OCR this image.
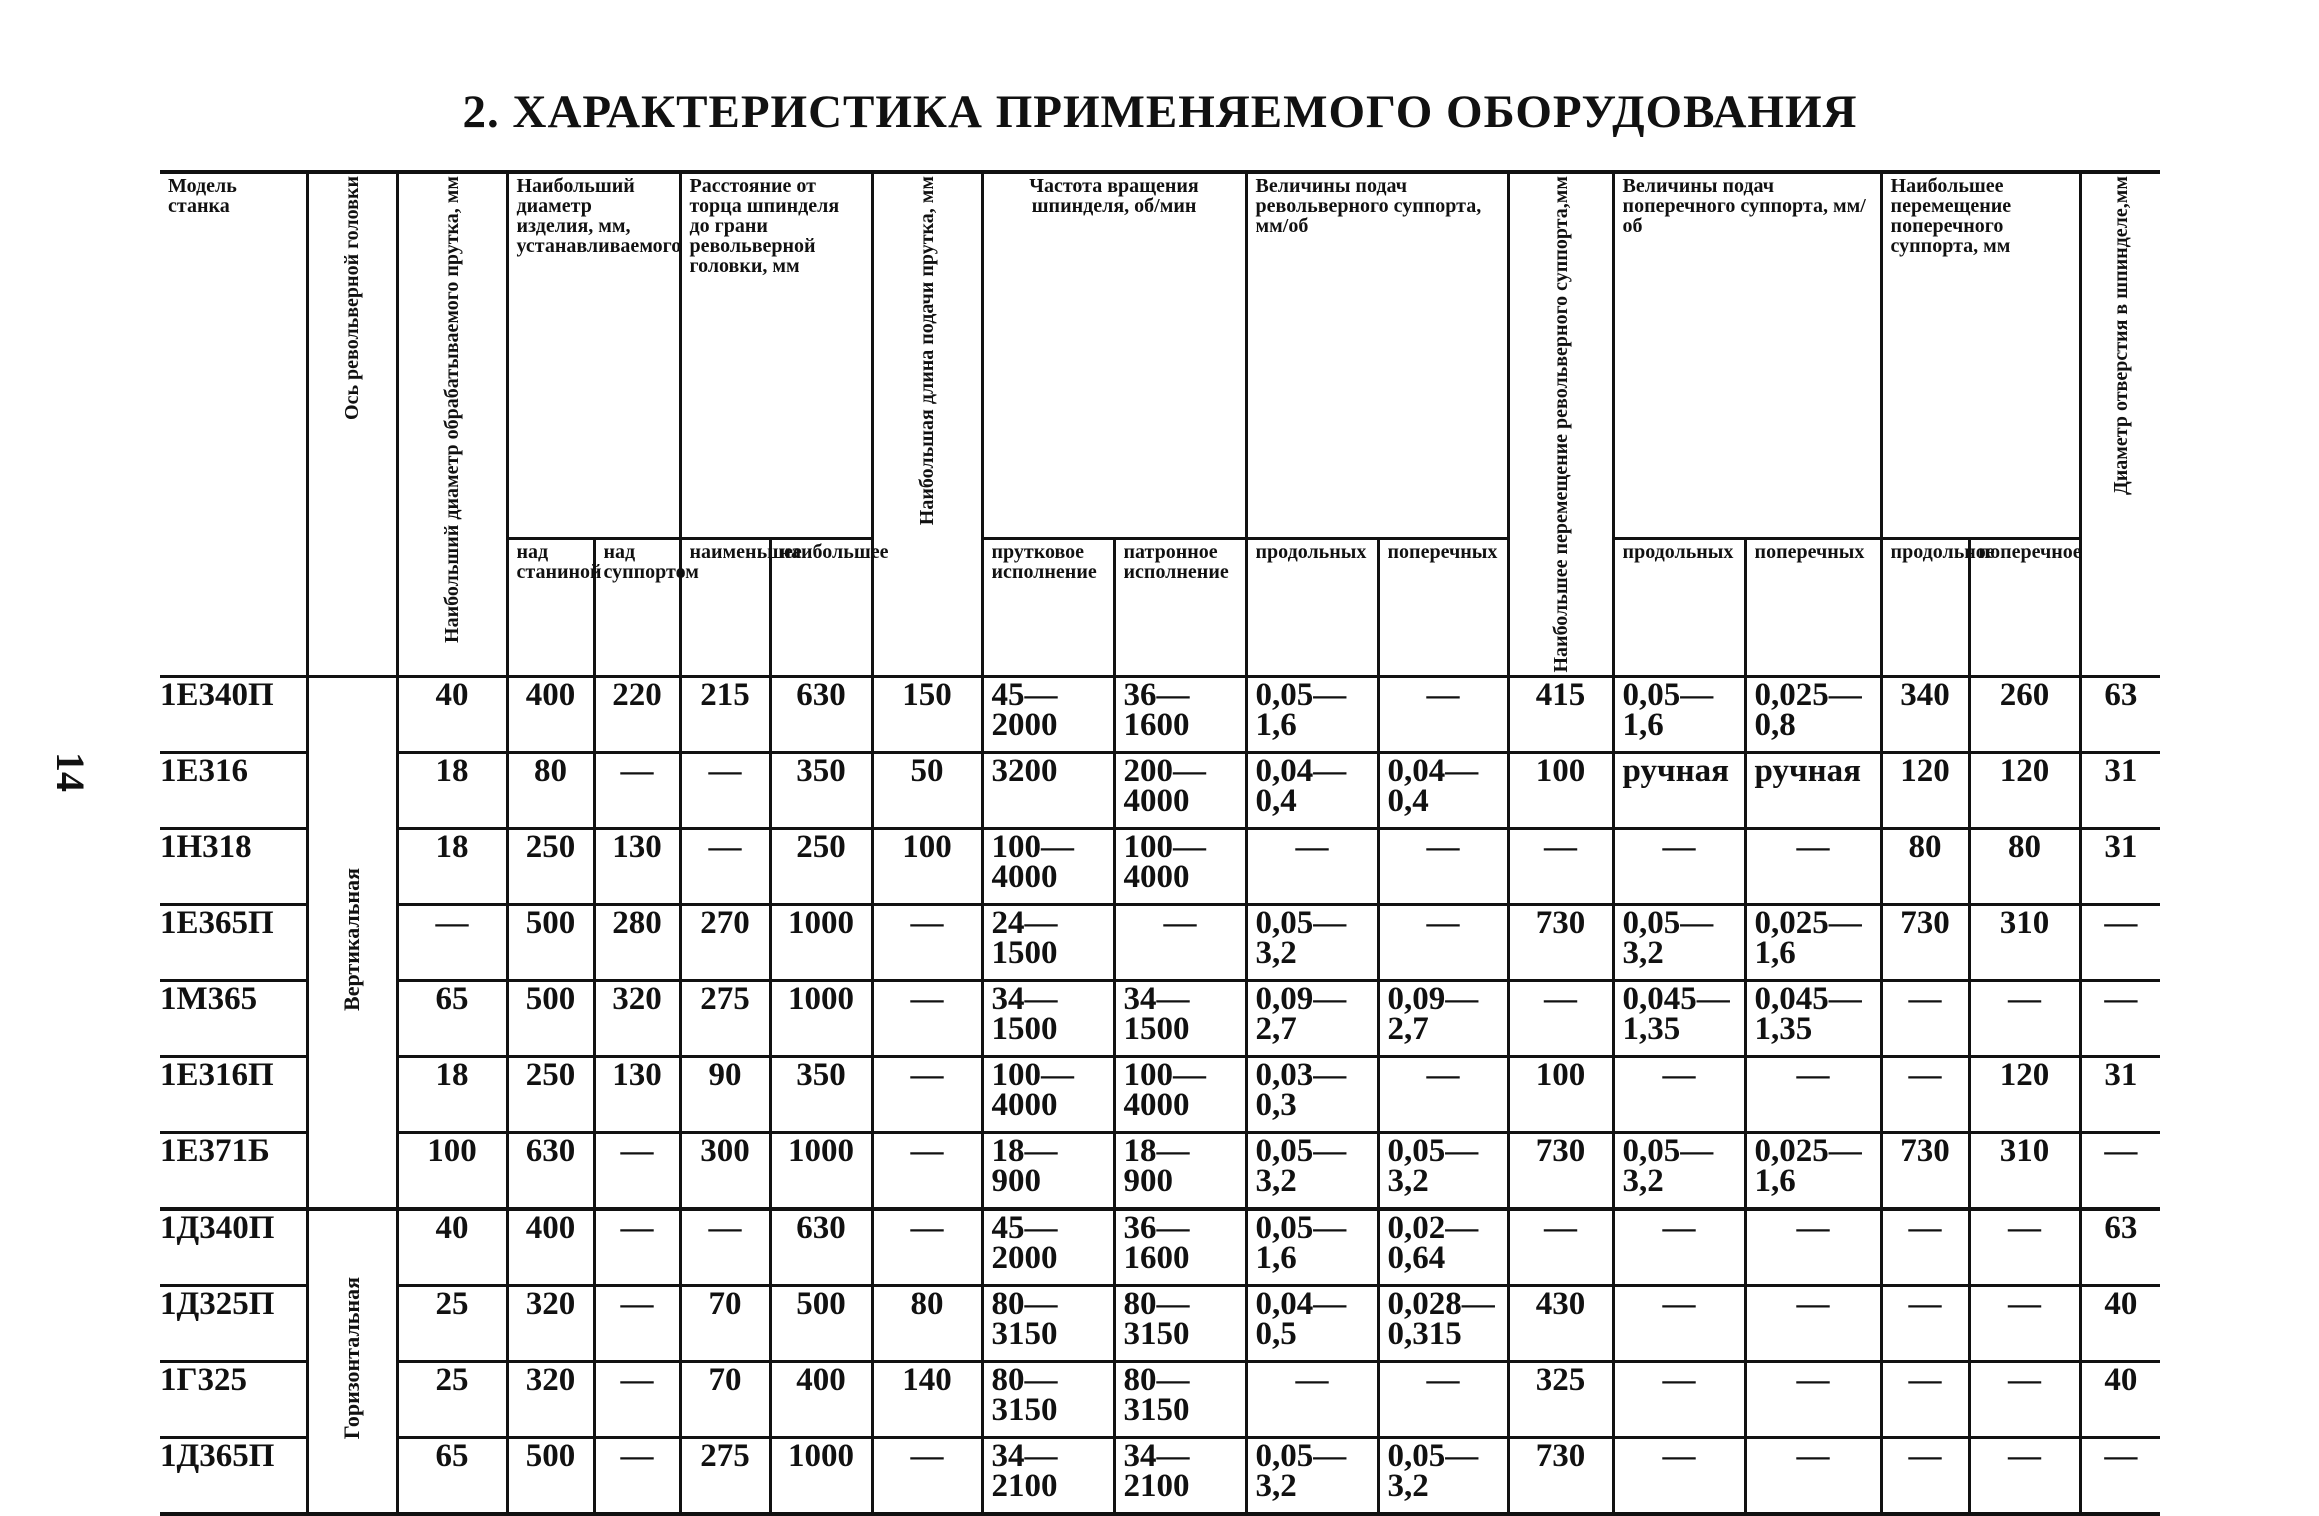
14
2. ХАРАКТЕРИСТИКА ПРИМЕНЯЕМОГО ОБОРУДОВАНИЯ
Модель станка	Ось револьверной головки	Наибольший диаметр обрабатываемого прутка, мм	Наибольший диаметр изделия, мм, устанавливаемого		Расстояние от торца шпинделя до грани револьверной головки, мм		Наибольшая длина подачи прутка, мм	Частота вращения шпинделя, об/мин		Величины подач револьверного суппорта, мм/об		Наибольшее перемещение револьверного суппорта,мм	Величины подач поперечного суппорта, мм/об		Наибольшее перемещение поперечного суппорта, мм		Диаметр отверстия в шпинделе,мм

			над станиной	над суппортом	наименьшее	наибольшее		прутковое исполнение	патронное исполнение	продольных	поперечных		продольных	поперечных	продольное	поперечное	
1Е340П	Вертикальная	40	400	220	215	630	150	45—2000	36—1600	0,05—1,6	—	415	0,05—1,6	0,025—0,8	340	260	63
1Е316		18	80	—	—	350	50	3200	200—4000	0,04—0,4	0,04—0,4	100	ручная	ручная	120	120	31
1Н318		18	250	130	—	250	100	100—4000	100—4000	—	—	—	—	—	80	80	31
1Е365П		—	500	280	270	1000	—	24—1500	—	0,05—3,2	—	730	0,05—3,2	0,025—1,6	730	310	—
1М365		65	500	320	275	1000	—	34—1500	34—1500	0,09—2,7	0,09—2,7	—	0,045—1,35	0,045—1,35	—	—	—
1Е316П		18	250	130	90	350	—	100—4000	100—4000	0,03—0,3	—	100	—	—	—	120	31
1Е371Б		100	630	—	300	1000	—	18—900	18—900	0,05—3,2	0,05—3,2	730	0,05—3,2	0,025—1,6	730	310	—
1Д340П	Горизонтальная	40	400	—	—	630	—	45—2000	36—1600	0,05—1,6	0,02—0,64	—	—	—	—	—	63
1Д325П		25	320	—	70	500	80	80—3150	80—3150	0,04—0,5	0,028—0,315	430	—	—	—	—	40
1Г325		25	320	—	70	400	140	80—3150	80—3150	—	—	325	—	—	—	—	40
1Д365П		65	500	—	275	1000	—	34—2100	34—2100	0,05—3,2	0,05—3,2	730	—	—	—	—	—
